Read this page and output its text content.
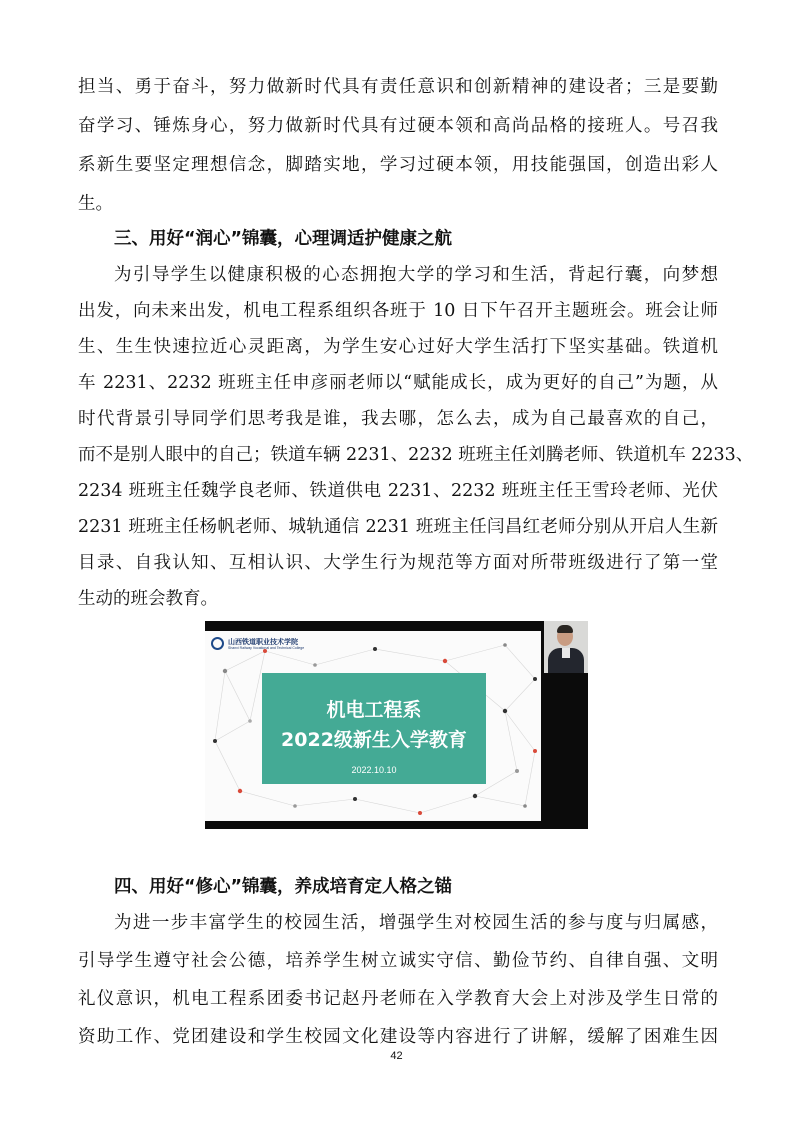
担当、勇于奋斗，努力做新时代具有责任意识和创新精神的建设者；三是要勤
奋学习、锤炼身心，努力做新时代具有过硬本领和高尚品格的接班人。号召我
系新生要坚定理想信念，脚踏实地，学习过硬本领，用技能强国，创造出彩人
生。
三、用好“润心”锦囊，心理调适护健康之航
为引导学生以健康积极的心态拥抱大学的学习和生活，背起行囊，向梦想
出发，向未来出发，机电工程系组织各班于 10 日下午召开主题班会。班会让师
生、生生快速拉近心灵距离，为学生安心过好大学生活打下坚实基础。铁道机
车 2231、2232 班班主任申彦丽老师以“赋能成长，成为更好的自己”为题，从
时代背景引导同学们思考我是谁，我去哪，怎么去，成为自己最喜欢的自己，
而不是别人眼中的自己；铁道车辆 2231、2232 班班主任刘腾老师、铁道机车 2233、
2234 班班主任魏学良老师、铁道供电 2231、2232 班班主任王雪玲老师、光伏
2231 班班主任杨帆老师、城轨通信 2231 班班主任闫昌红老师分别从开启人生新
目录、自我认知、互相认识、大学生行为规范等方面对所带班级进行了第一堂
山西铁道职业技术学院
Shanxi Railway Vocational and Technical College
机电工程系
2022级新生入学教育
2022.10.10
四、用好“修心”锦囊，养成培育定人格之锚
为进一步丰富学生的校园生活，增强学生对校园生活的参与度与归属感，
引导学生遵守社会公德，培养学生树立诚实守信、勤俭节约、自律自强、文明
礼仪意识，机电工程系团委书记赵丹老师在入学教育大会上对涉及学生日常的
资助工作、党团建设和学生校园文化建设等内容进行了讲解，缓解了困难生因
42
生动的班会教育。
